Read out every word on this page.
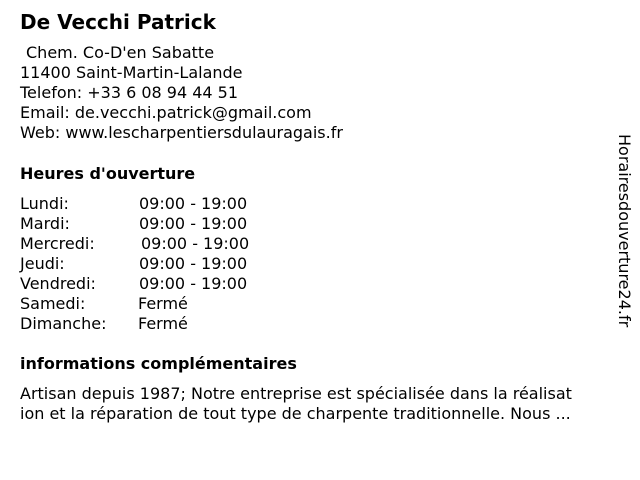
De Vecchi Patrick
Chem. Co-D'en Sabatte
11400 Saint-Martin-Lalande
Telefon: +33 6 08 94 44 51
Email: de.vecchi.patrick@gmail.com
Web: www.lescharpentiersdulauragais.fr
Heures d'ouverture
Lundi:	09:00 - 19:00
Mardi:	09:00 - 19:00
Mercredi:	09:00 - 19:00
Jeudi:	09:00 - 19:00
Vendredi:	09:00 - 19:00
Samedi:	Fermé
Dimanche: Fermé
informations complémentaires
Artisan depuis 1987; Notre entreprise est spécialisée dans la réalisat
ion et la réparation de tout type de charpente traditionnelle. Nous ...
Horairesdouverture24.fr
